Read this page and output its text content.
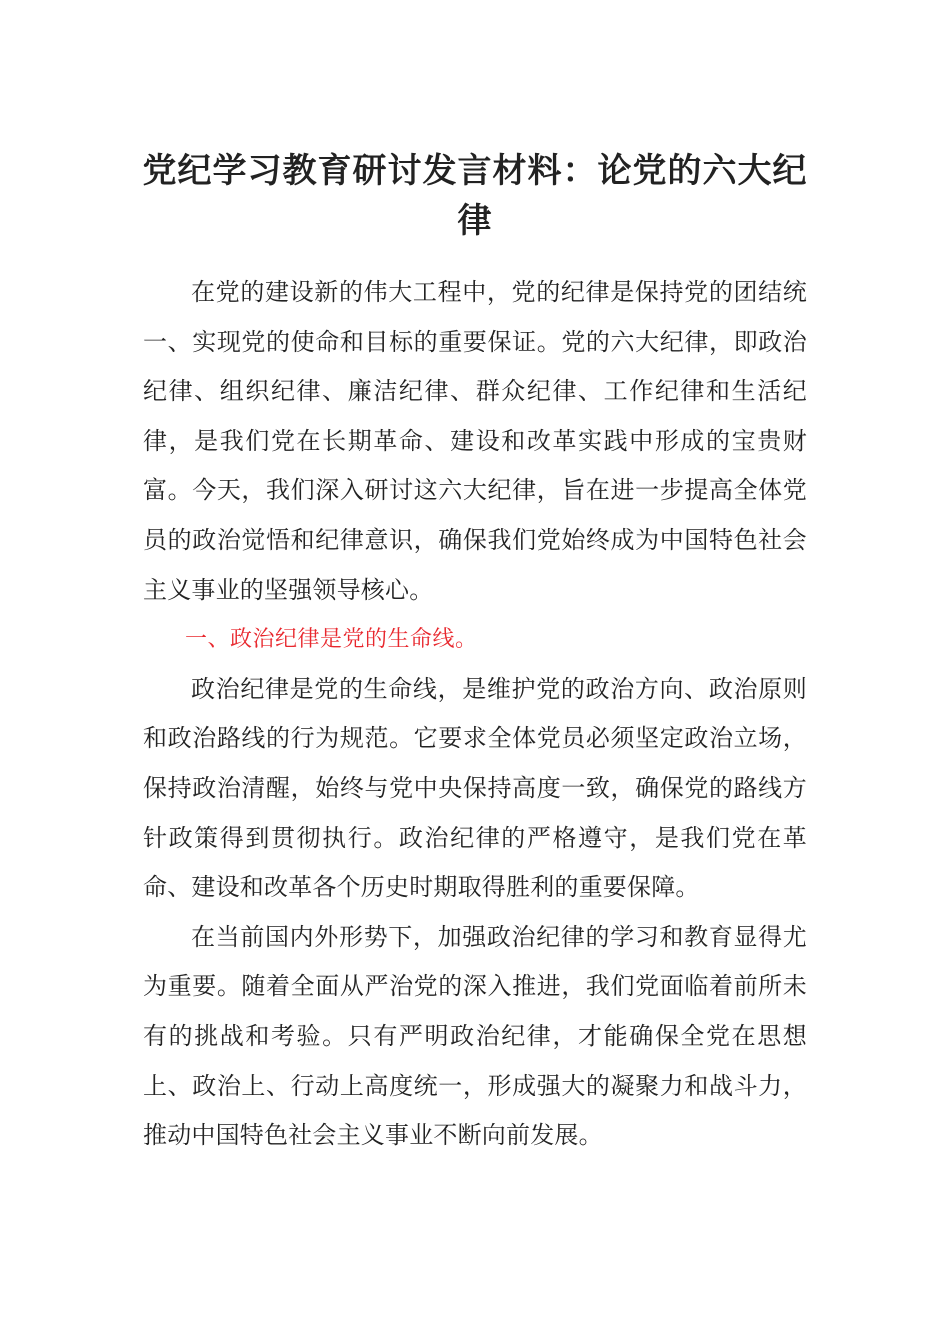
党纪学习教育研讨发言材料：论党的六大纪律

在党的建设新的伟大工程中，党的纪律是保持党的团结统一、实现党的使命和目标的重要保证。党的六大纪律，即政治纪律、组织纪律、廉洁纪律、群众纪律、工作纪律和生活纪律，是我们党在长期革命、建设和改革实践中形成的宝贵财富。今天，我们深入研讨这六大纪律，旨在进一步提高全体党员的政治觉悟和纪律意识，确保我们党始终成为中国特色社会主义事业的坚强领导核心。

一、政治纪律是党的生命线。

政治纪律是党的生命线，是维护党的政治方向、政治原则和政治路线的行为规范。它要求全体党员必须坚定政治立场，保持政治清醒，始终与党中央保持高度一致，确保党的路线方针政策得到贯彻执行。政治纪律的严格遵守，是我们党在革命、建设和改革各个历史时期取得胜利的重要保障。

在当前国内外形势下，加强政治纪律的学习和教育显得尤为重要。随着全面从严治党的深入推进，我们党面临着前所未有的挑战和考验。只有严明政治纪律，才能确保全党在思想上、政治上、行动上高度统一，形成强大的凝聚力和战斗力，推动中国特色社会主义事业不断向前发展。
